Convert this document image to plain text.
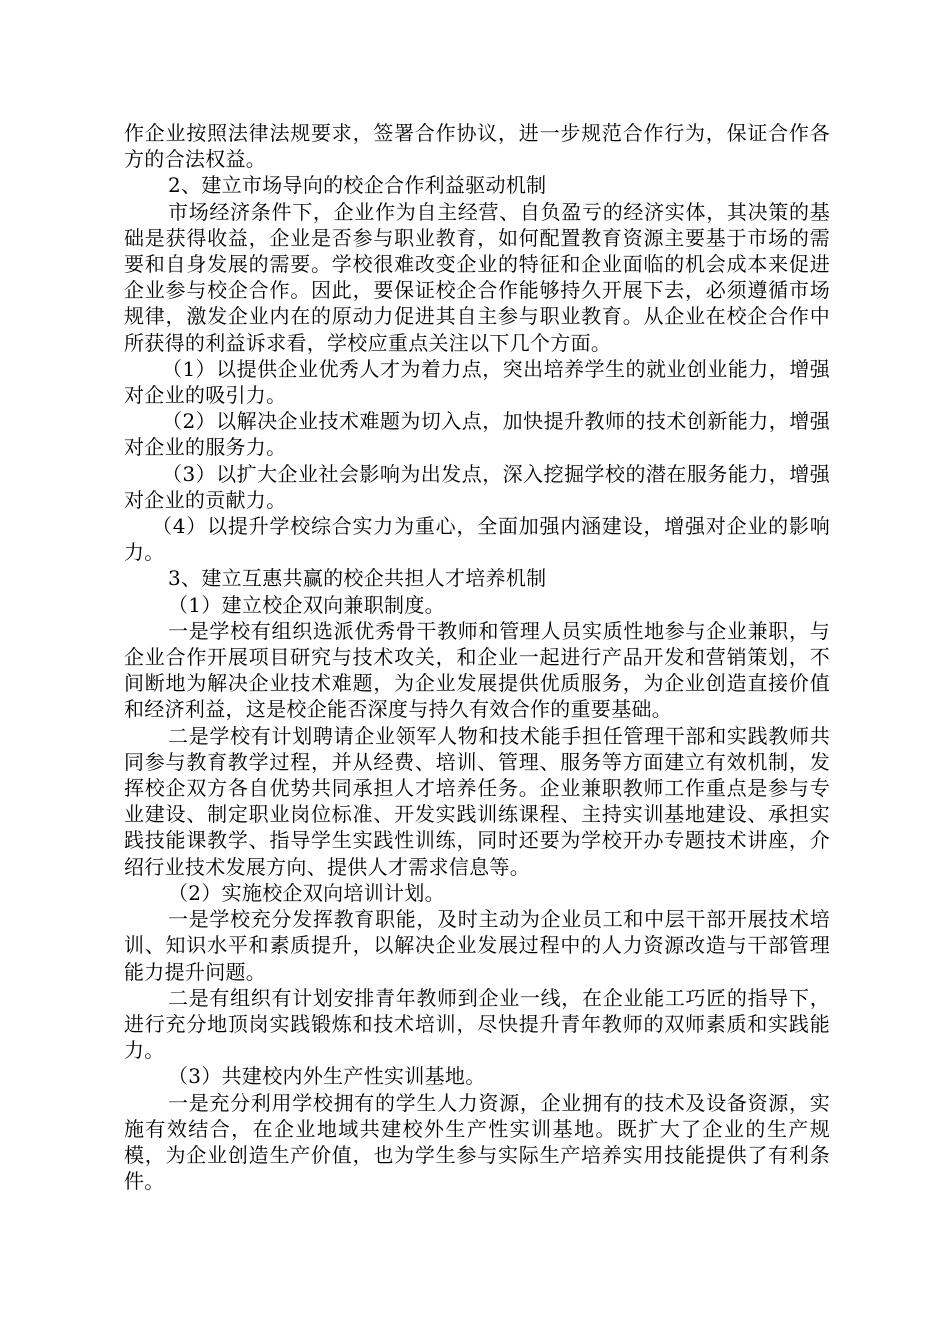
作企业按照法律法规要求，签署合作协议，进一步规范合作行为，保证合作各方的合法权益。

2、建立市场导向的校企合作利益驱动机制

市场经济条件下，企业作为自主经营、自负盈亏的经济实体，其决策的基础是获得收益，企业是否参与职业教育，如何配置教育资源主要基于市场的需要和自身发展的需要。学校很难改变企业的特征和企业面临的机会成本来促进企业参与校企合作。因此，要保证校企合作能够持久开展下去，必须遵循市场规律，激发企业内在的原动力促进其自主参与职业教育。从企业在校企合作中所获得的利益诉求看，学校应重点关注以下几个方面。

（1）以提供企业优秀人才为着力点，突出培养学生的就业创业能力，增强对企业的吸引力。

（2）以解决企业技术难题为切入点，加快提升教师的技术创新能力，增强对企业的服务力。

（3）以扩大企业社会影响为出发点，深入挖掘学校的潜在服务能力，增强对企业的贡献力。

（4）以提升学校综合实力为重心，全面加强内涵建设，增强对企业的影响力。

3、建立互惠共赢的校企共担人才培养机制

（1）建立校企双向兼职制度。

一是学校有组织选派优秀骨干教师和管理人员实质性地参与企业兼职，与企业合作开展项目研究与技术攻关，和企业一起进行产品开发和营销策划，不间断地为解决企业技术难题，为企业发展提供优质服务，为企业创造直接价值和经济利益，这是校企能否深度与持久有效合作的重要基础。

二是学校有计划聘请企业领军人物和技术能手担任管理干部和实践教师共同参与教育教学过程，并从经费、培训、管理、服务等方面建立有效机制，发挥校企双方各自优势共同承担人才培养任务。企业兼职教师工作重点是参与专业建设、制定职业岗位标准、开发实践训练课程、主持实训基地建设、承担实践技能课教学、指导学生实践性训练，同时还要为学校开办专题技术讲座，介绍行业技术发展方向、提供人才需求信息等。

（2）实施校企双向培训计划。

一是学校充分发挥教育职能，及时主动为企业员工和中层干部开展技术培训、知识水平和素质提升，以解决企业发展过程中的人力资源改造与干部管理能力提升问题。

二是有组织有计划安排青年教师到企业一线，在企业能工巧匠的指导下，进行充分地顶岗实践锻炼和技术培训，尽快提升青年教师的双师素质和实践能力。

（3）共建校内外生产性实训基地。

一是充分利用学校拥有的学生人力资源，企业拥有的技术及设备资源，实施有效结合，在企业地域共建校外生产性实训基地。既扩大了企业的生产规模，为企业创造生产价值，也为学生参与实际生产培养实用技能提供了有利条件。
